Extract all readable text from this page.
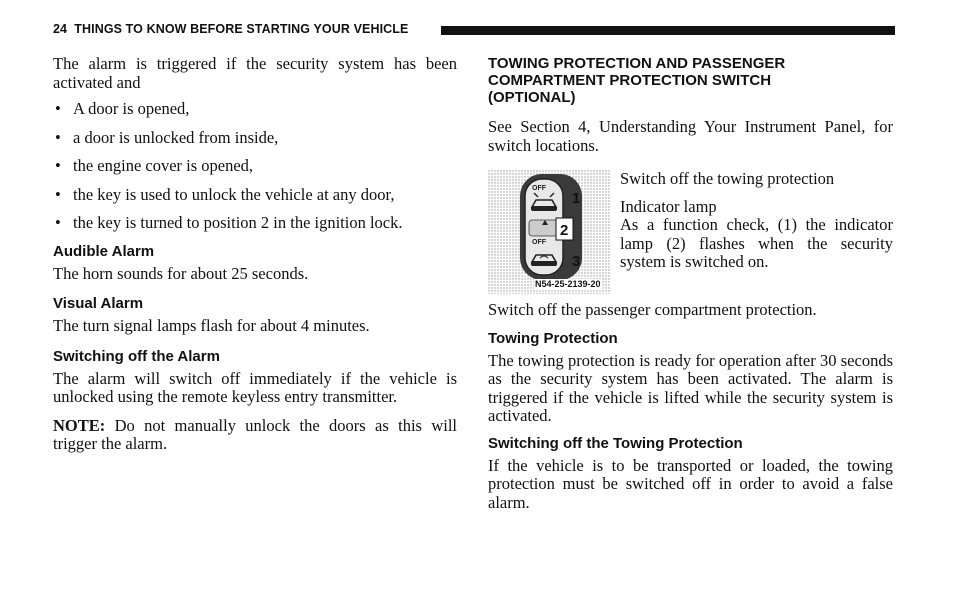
24 THINGS TO KNOW BEFORE STARTING YOUR VEHICLE

The alarm is triggered if the security system has been activated and

• A door is opened,
• a door is unlocked from inside,
• the engine cover is opened,
• the key is used to unlock the vehicle at any door,
• the key is turned to position 2 in the ignition lock.
Audible Alarm

The horn sounds for about 25 seconds.

Visual Alarm

The turn signal lamps flash for about 4 minutes.

Switching off the Alarm

The alarm will switch off immediately if the vehicle is unlocked using the remote keyless entry transmitter.

NOTE: Do not manually unlock the doors as this will trigger the alarm.

TOWING PROTECTION AND PASSENGER
COMPARTMENT PROTECTION SWITCH
(OPTIONAL)

See Section 4, Understanding Your Instrument Panel, for switch locations.

OFF
OFF
1
2
3
N54-25-2139-20

Switch off the towing protection

Indicator lamp

As a function check, (1) the indicator lamp (2) flashes when the security system is switched on.

Switch off the passenger compartment protection.

Towing Protection

The towing protection is ready for operation after 30 seconds as the security system has been activated. The alarm is triggered if the vehicle is lifted while the security system is activated.

Switching off the Towing Protection

If the vehicle is to be transported or loaded, the towing protection must be switched off in order to avoid a false alarm.
